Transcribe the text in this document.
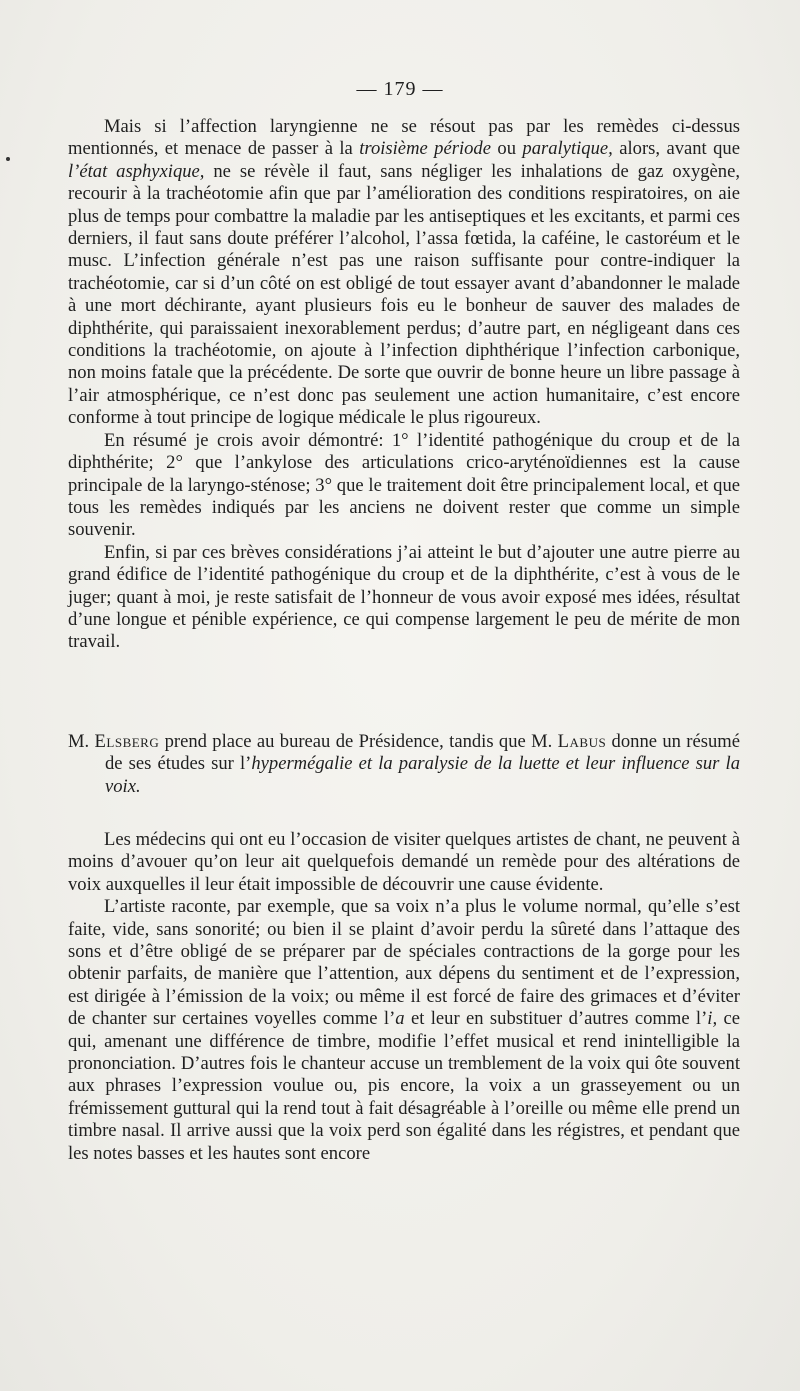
— 179 —

Mais si l’affection laryngienne ne se résout pas par les remèdes ci-dessus mentionnés, et menace de passer à la troisième période ou paralytique, alors, avant que l’état asphyxique, ne se révèle il faut, sans négliger les inhalations de gaz oxygène, recourir à la trachéotomie afin que par l’amélioration des conditions respiratoires, on aie plus de temps pour combattre la maladie par les antiseptiques et les excitants, et parmi ces derniers, il faut sans doute préférer l’alcohol, l’assa fœtida, la caféine, le castoréum et le musc. L’infection générale n’est pas une raison suffisante pour contre-indiquer la trachéotomie, car si d’un côté on est obligé de tout essayer avant d’abandonner le malade à une mort déchirante, ayant plusieurs fois eu le bonheur de sauver des malades de diphthérite, qui paraissaient inexorablement perdus; d’autre part, en négligeant dans ces conditions la trachéotomie, on ajoute à l’infection diphthérique l’infection carbonique, non moins fatale que la précédente. De sorte que ouvrir de bonne heure un libre passage à l’air atmosphérique, ce n’est donc pas seulement une action humanitaire, c’est encore conforme à tout principe de logique médicale le plus rigoureux.

En résumé je crois avoir démontré: 1° l’identité pathogénique du croup et de la diphthérite; 2° que l’ankylose des articulations crico-aryténoïdiennes est la cause principale de la laryngo-sténose; 3° que le traitement doit être principalement local, et que tous les remèdes indiqués par les anciens ne doivent rester que comme un simple souvenir.

Enfin, si par ces brèves considérations j’ai atteint le but d’ajouter une autre pierre au grand édifice de l’identité pathogénique du croup et de la diphthérite, c’est à vous de le juger; quant à moi, je reste satisfait de l’honneur de vous avoir exposé mes idées, résultat d’une longue et pénible expérience, ce qui compense largement le peu de mérite de mon travail.

M. Elsberg prend place au bureau de Présidence, tandis que M. Labus donne un résumé de ses études sur l’hypermégalie et la paralysie de la luette et leur influence sur la voix.

Les médecins qui ont eu l’occasion de visiter quelques artistes de chant, ne peuvent à moins d’avouer qu’on leur ait quelquefois demandé un remède pour des altérations de voix auxquelles il leur était impossible de découvrir une cause évidente.

L’artiste raconte, par exemple, que sa voix n’a plus le volume normal, qu’elle s’est faite, vide, sans sonorité; ou bien il se plaint d’avoir perdu la sûreté dans l’attaque des sons et d’être obligé de se préparer par de spéciales contractions de la gorge pour les obtenir parfaits, de manière que l’attention, aux dépens du sentiment et de l’expression, est dirigée à l’émission de la voix; ou même il est forcé de faire des grimaces et d’éviter de chanter sur certaines voyelles comme l’a et leur en substituer d’autres comme l’i, ce qui, amenant une différence de timbre, modifie l’effet musical et rend inintelligible la prononciation. D’autres fois le chanteur accuse un tremblement de la voix qui ôte souvent aux phrases l’expression voulue ou, pis encore, la voix a un grasseyement ou un frémissement guttural qui la rend tout à fait désagréable à l’oreille ou même elle prend un timbre nasal. Il arrive aussi que la voix perd son égalité dans les régistres, et pendant que les notes basses et les hautes sont encore
